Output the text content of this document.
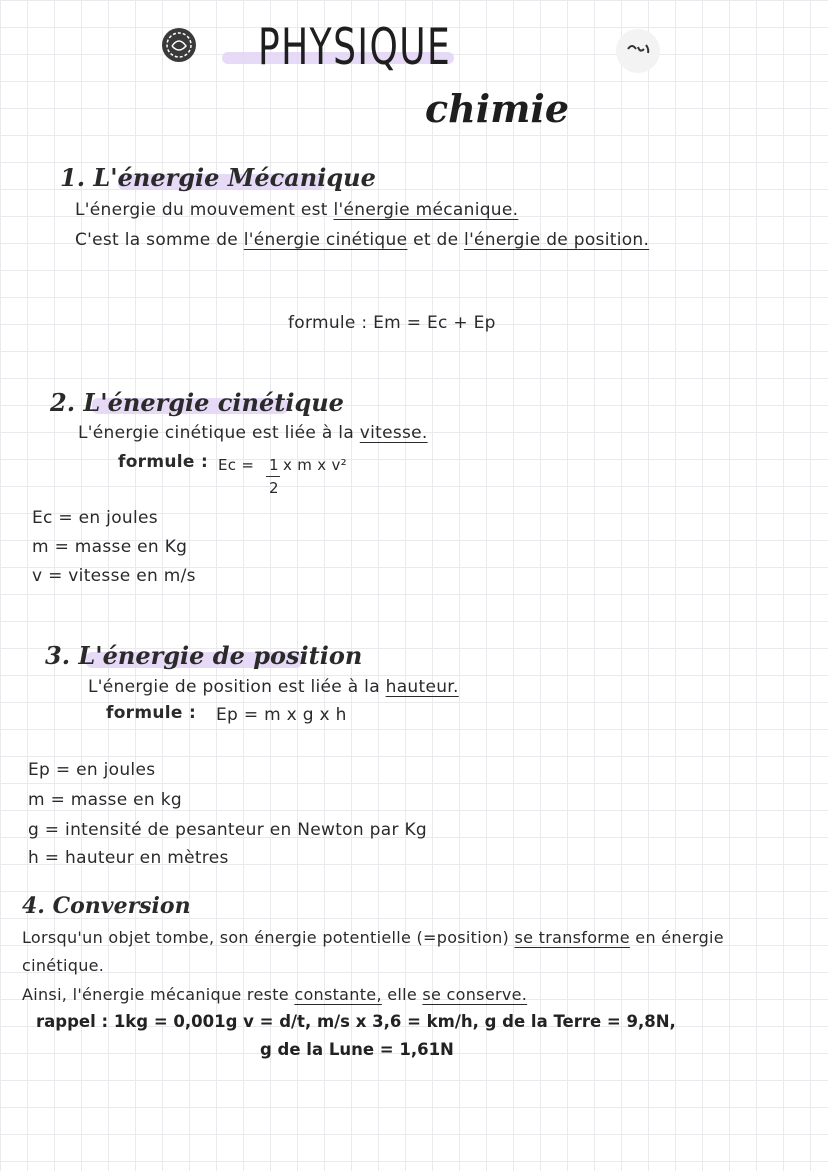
PHYSIQUE
chimie
1. L'énergie Mécanique
L'énergie du mouvement est l'énergie mécanique.
C'est la somme de l'énergie cinétique et de l'énergie de position.
formule : Em = Ec + Ep
2. L'énergie cinétique
L'énergie cinétique est liée à la vitesse.
formule : Ec = 1
2
x m x v²
Ec = en joules
m = masse en Kg
v = vitesse en m/s
3. L'énergie de position
L'énergie de position est liée à la hauteur.
formule : Ep = m x g x h
Ep = en joules
m = masse en kg
g = intensité de pesanteur en Newton par Kg
h = hauteur en mètres
4. Conversion
Lorsqu'un objet tombe, son énergie potentielle (=position) se transforme en énergie
cinétique.
Ainsi, l'énergie mécanique reste constante, elle se conserve.
rappel : 1kg = 0,001g v = d/t, m/s x 3,6 = km/h, g de la Terre = 9,8N,
g de la Lune = 1,61N
